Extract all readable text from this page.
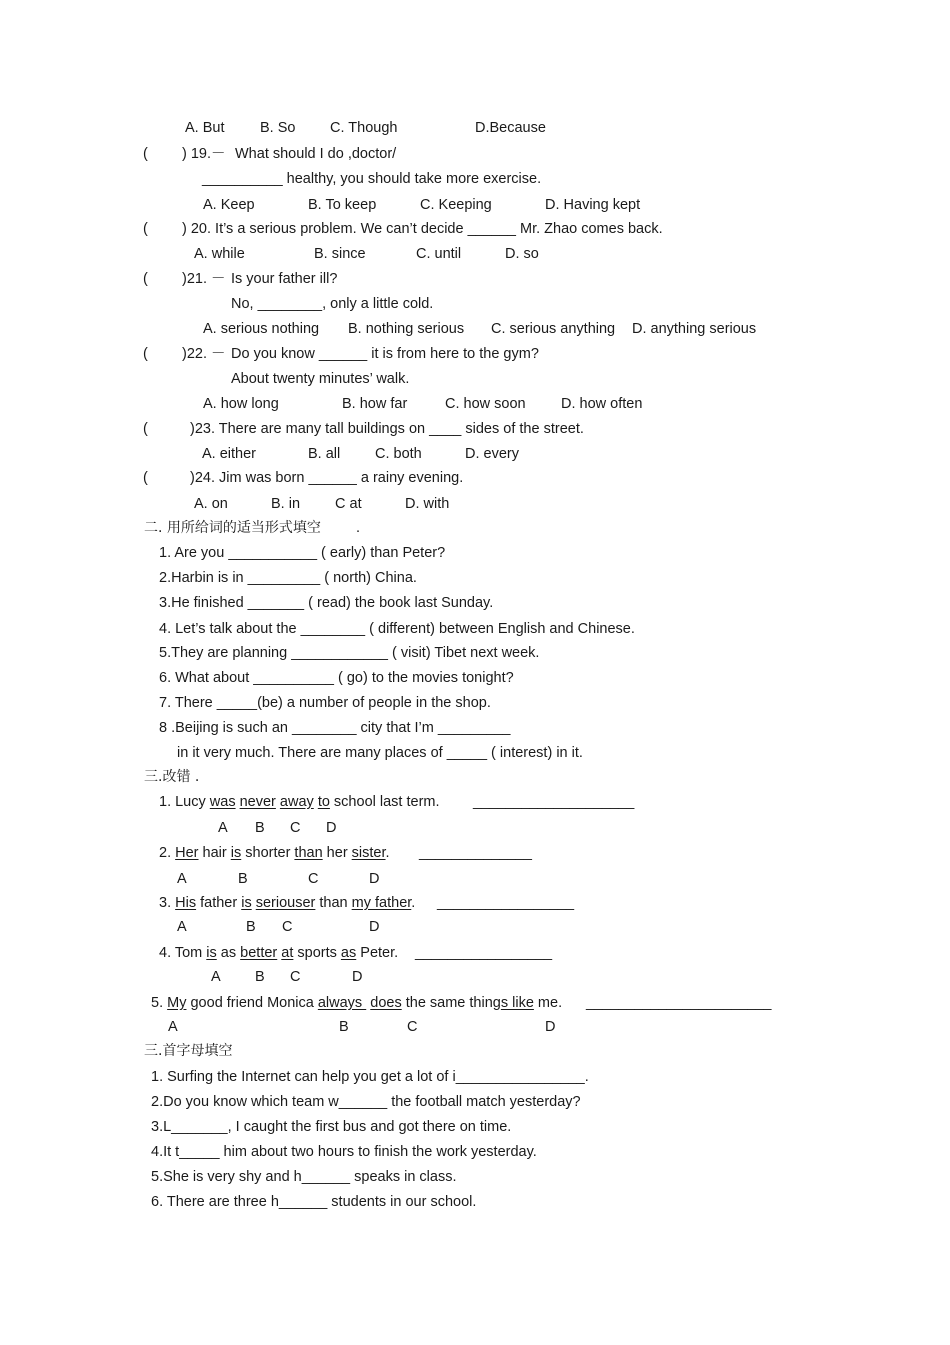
A. But B. So C. Though	D.Because
( ) 19.－ What should I do ,doctor/
__________ healthy, you should take more exercise.
A. Keep	B. To keep	C. Keeping	D. Having kept
( ) 20. It’s a serious problem. We can’t decide ______ Mr. Zhao comes back.
A. while	B. since	C. until	D. so
( )21. － Is your father ill?
No, ________, only a little cold.
A. serious nothing B. nothing serious C. serious anything D. anything serious
( )22. － Do you know ______ it is from here to the gym?
About twenty minutes’ walk.
A. how long	B. how far	C. how soon D. how often
(	)23. There are many tall buildings on ____ sides of the street.
A. either	B. all C. both	D. every
(	)24. Jim was born ______ a rainy evening.
A. on	B. in C at	D. with
二. 用所给词的适当形式填空 .
1. Are you ___________ ( early) than Peter?
2.Harbin is in _________ ( north) China.
3.He finished _______ ( read) the book last Sunday.
4. Let’s talk about the ________ ( different) between English and Chinese.
5.They are planning ____________ ( visit) Tibet next week.
6. What about __________ ( go) to the movies tonight?
7. There _____(be) a number of people in the shop.
8 .Beijing is such an ________ city that I’m _________
in it very much. There are many places of _____ ( interest) in it.
三.改错 .
1. Lucy was never away to school last term. ____________________
A B C D
2. Her hair is shorter than her sister. ______________
A	B	C	D
3. His father is seriouser than my father. _________________
A	B C	D
4. Tom is as better at sports as Peter. _________________
A B C	D
5. My good friend Monica always  does the same things like me. _______________________
A	B	C	D
三.首字母填空
1. Surfing the Internet can help you get a lot of i________________.
2.Do you know which team w______ the football match yesterday?
3.L_______, I caught the first bus and got there on time.
4.It t_____ him about two hours to finish the work yesterday.
5.She is very shy and h______ speaks in class.
6. There are three h______ students in our school.
